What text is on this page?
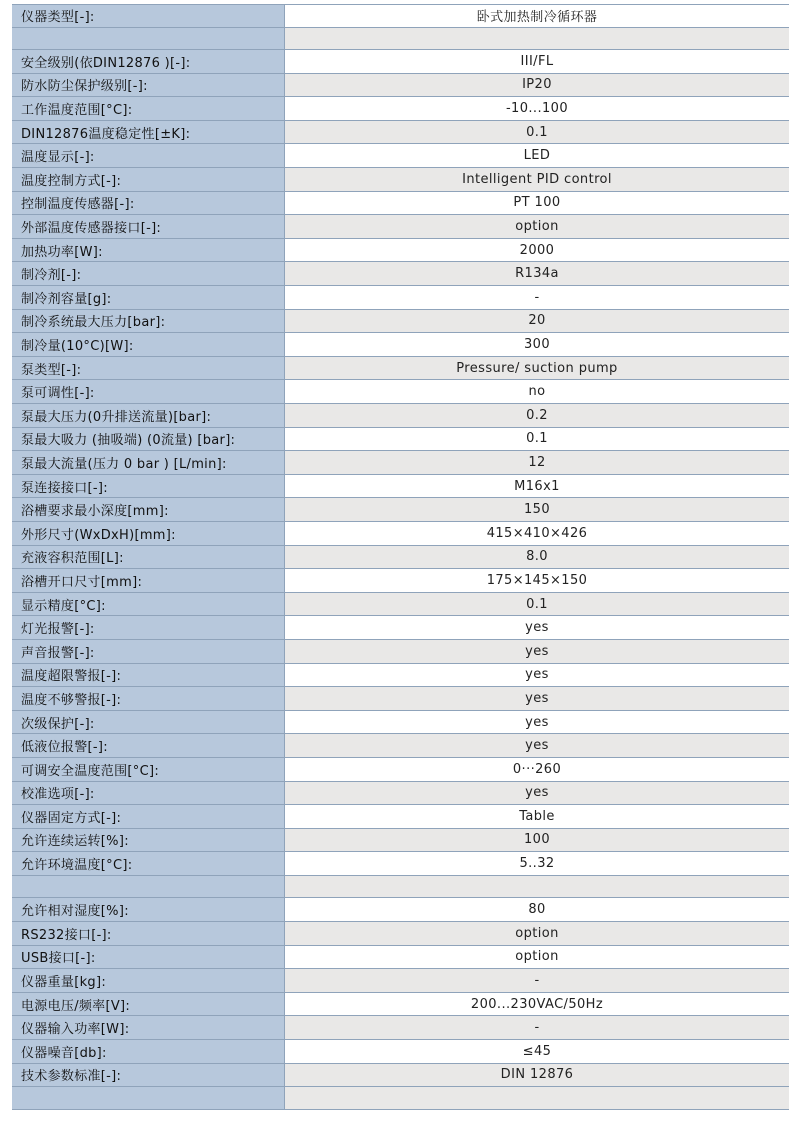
仪器类型[-]:	卧式加热制冷循环器
安全级别(依DIN12876 )[-]:	III/FL
防水防尘保护级别[-]:	IP20
工作温度范围[°C]:	-10...100
DIN12876温度稳定性[±K]:	0.1
温度显示[-]:	LED
温度控制方式[-]:	Intelligent PID control
控制温度传感器[-]:	PT 100
外部温度传感器接口[-]:	option
加热功率[W]:	2000
制冷剂[-]:	R134a
制冷剂容量[g]:	-
制冷系统最大压力[bar]:	20
制冷量(10°C)[W]:	300
泵类型[-]:	Pressure/ suction pump
泵可调性[-]:	no
泵最大压力(0升排送流量)[bar]:	0.2
泵最大吸力 (抽吸端) (0流量) [bar]:	0.1
泵最大流量(压力 0 bar ) [L/min]:	12
泵连接接口[-]:	M16x1
浴槽要求最小深度[mm]:	150
外形尺寸(WxDxH)[mm]:	415×410×426
充液容积范围[L]:	8.0
浴槽开口尺寸[mm]:	175×145×150
显示精度[°C]:	0.1
灯光报警[-]:	yes
声音报警[-]:	yes
温度超限警报[-]:	yes
温度不够警报[-]:	yes
次级保护[-]:	yes
低液位报警[-]:	yes
可调安全温度范围[°C]:	0···260
校准选项[-]:	yes
仪器固定方式[-]:	Table
允许连续运转[%]:	100
允许环境温度[°C]:	5..32
允许相对湿度[%]:	80
RS232接口[-]:	option
USB接口[-]:	option
仪器重量[kg]:	-
电源电压/频率[V]:	200...230VAC/50Hz
仪器输入功率[W]:	-
仪器噪音[db]:	≤45
技术参数标准[-]:	DIN 12876
